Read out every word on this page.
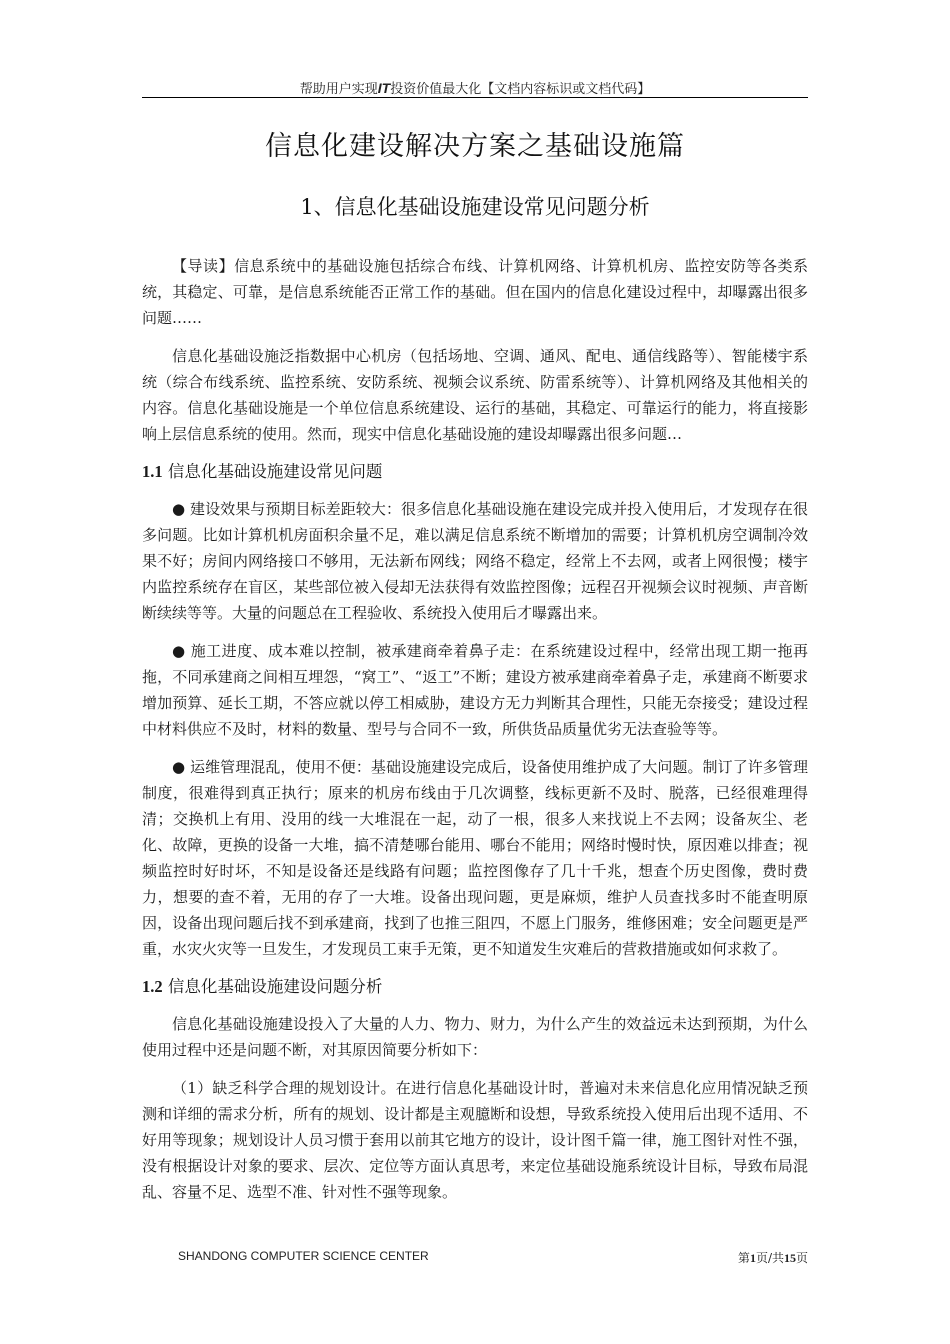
帮助用户实现IT投资价值最大化【文档内容标识或文档代码】
信息化建设解决方案之基础设施篇
1、信息化基础设施建设常见问题分析

【导读】信息系统中的基础设施包括综合布线、计算机网络、计算机机房、监控安防等各类系统，其稳定、可靠，是信息系统能否正常工作的基础。但在国内的信息化建设过程中，却曝露出很多问题……

信息化基础设施泛指数据中心机房（包括场地、空调、通风、配电、通信线路等）、智能楼宇系统（综合布线系统、监控系统、安防系统、视频会议系统、防雷系统等）、计算机网络及其他相关的内容。信息化基础设施是一个单位信息系统建设、运行的基础，其稳定、可靠运行的能力，将直接影响上层信息系统的使用。然而，现实中信息化基础设施的建设却曝露出很多问题…

1.1 信息化基础设施建设常见问题

● 建设效果与预期目标差距较大：很多信息化基础设施在建设完成并投入使用后，才发现存在很多问题。比如计算机机房面积余量不足，难以满足信息系统不断增加的需要；计算机机房空调制冷效果不好；房间内网络接口不够用，无法新布网线；网络不稳定，经常上不去网，或者上网很慢；楼宇内监控系统存在盲区，某些部位被入侵却无法获得有效监控图像；远程召开视频会议时视频、声音断断续续等等。大量的问题总在工程验收、系统投入使用后才曝露出来。

● 施工进度、成本难以控制，被承建商牵着鼻子走：在系统建设过程中，经常出现工期一拖再拖，不同承建商之间相互埋怨，“窝工”、“返工”不断；建设方被承建商牵着鼻子走，承建商不断要求增加预算、延长工期，不答应就以停工相威胁，建设方无力判断其合理性，只能无奈接受；建设过程中材料供应不及时，材料的数量、型号与合同不一致，所供货品质量优劣无法查验等等。

● 运维管理混乱，使用不便：基础设施建设完成后，设备使用维护成了大问题。制订了许多管理制度，很难得到真正执行；原来的机房布线由于几次调整，线标更新不及时、脱落，已经很难理得清；交换机上有用、没用的线一大堆混在一起，动了一根，很多人来找说上不去网；设备灰尘、老化、故障，更换的设备一大堆，搞不清楚哪台能用、哪台不能用；网络时慢时快，原因难以排查；视频监控时好时坏，不知是设备还是线路有问题；监控图像存了几十千兆，想查个历史图像，费时费力，想要的查不着，无用的存了一大堆。设备出现问题，更是麻烦，维护人员查找多时不能查明原因，设备出现问题后找不到承建商，找到了也推三阻四，不愿上门服务，维修困难；安全问题更是严重，水灾火灾等一旦发生，才发现员工束手无策，更不知道发生灾难后的营救措施或如何求救了。

1.2 信息化基础设施建设问题分析

信息化基础设施建设投入了大量的人力、物力、财力，为什么产生的效益远未达到预期，为什么使用过程中还是问题不断，对其原因简要分析如下：

（1）缺乏科学合理的规划设计。在进行信息化基础设计时，普遍对未来信息化应用情况缺乏预测和详细的需求分析，所有的规划、设计都是主观臆断和设想，导致系统投入使用后出现不适用、不好用等现象；规划设计人员习惯于套用以前其它地方的设计，设计图千篇一律，施工图针对性不强，没有根据设计对象的要求、层次、定位等方面认真思考，来定位基础设施系统设计目标，导致布局混乱、容量不足、选型不准、针对性不强等现象。

SHANDONG COMPUTER SCIENCE CENTER	第1页/共15页
